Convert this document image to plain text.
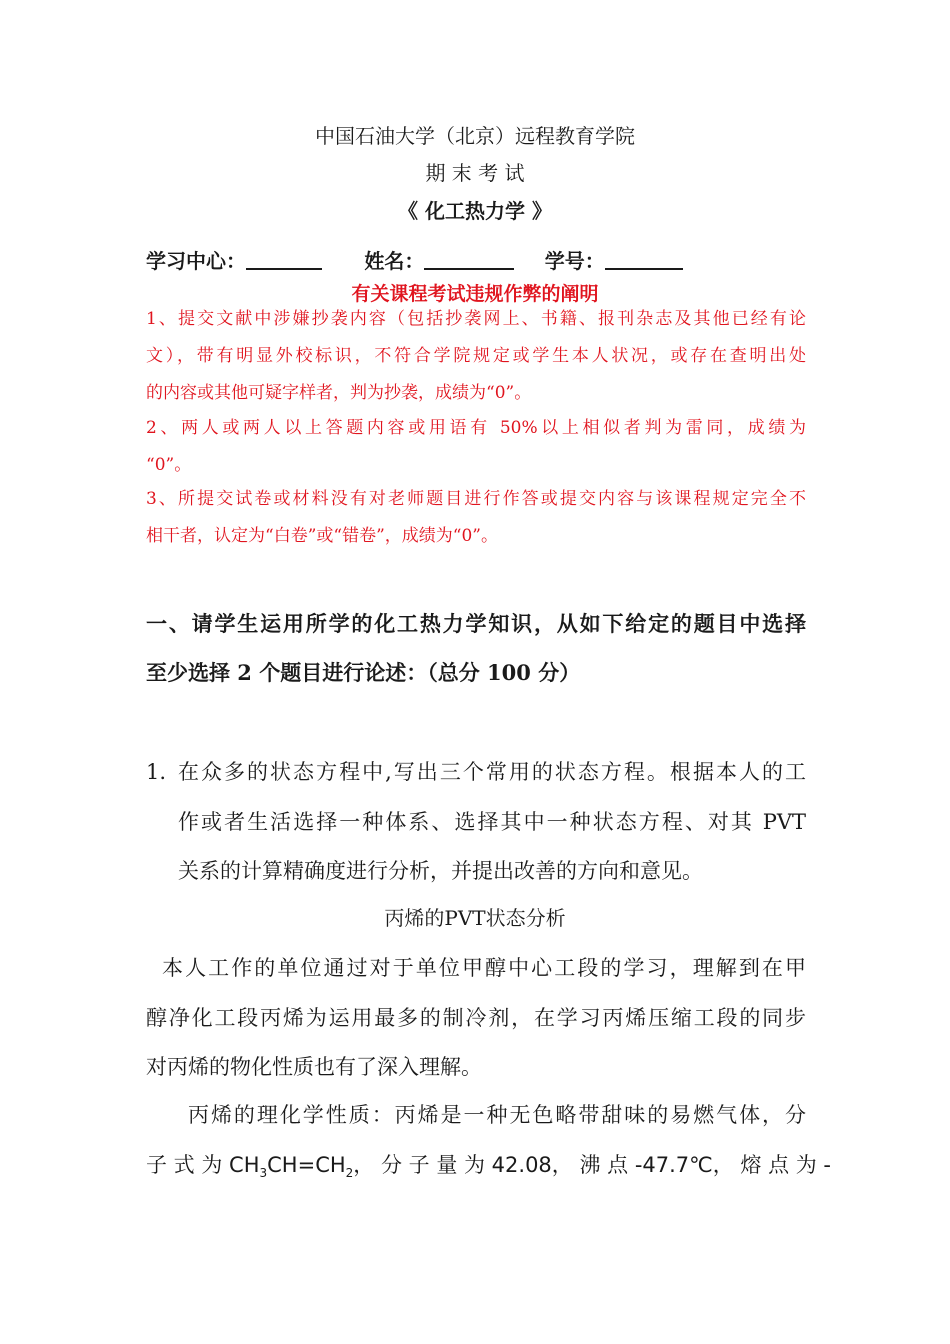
中国石油大学（北京）远程教育学院
期 末 考 试
《 化工热力学 》
学习中心：	姓名：	学号：
有关课程考试违规作弊的阐明
1、提交文献中涉嫌抄袭内容（包括抄袭网上、书籍、报刊杂志及其他已经有论
文），带有明显外校标识，不符合学院规定或学生本人状况，或存在查明出处
的内容或其他可疑字样者，判为抄袭，成绩为“0”。
2、两人或两人以上答题内容或用语有 50%以上相似者判为雷同，成绩为
“0”。
3、所提交试卷或材料没有对老师题目进行作答或提交内容与该课程规定完全不
相干者，认定为“白卷”或“错卷”，成绩为“0”。
一、请学生运用所学的化工热力学知识，从如下给定的题目中选择
至少选择 2 个题目进行论述：（总分 100 分）
1. 在众多的状态方程中,写出三个常用的状态方程。根据本人的工
作或者生活选择一种体系、选择其中一种状态方程、对其 PVT
关系的计算精确度进行分析，并提出改善的方向和意见。
丙烯的PVT状态分析
本人工作的单位通过对于单位甲醇中心工段的学习，理解到在甲
醇净化工段丙烯为运用最多的制冷剂，在学习丙烯压缩工段的同步
对丙烯的物化性质也有了深入理解。
丙烯的理化学性质：丙烯是一种无色略带甜味的易燃气体，分
子 式 为 $CH_3CH=CH_2$， 分 子 量 为 42.08， 沸 点 -47.7℃， 熔 点 为 -
